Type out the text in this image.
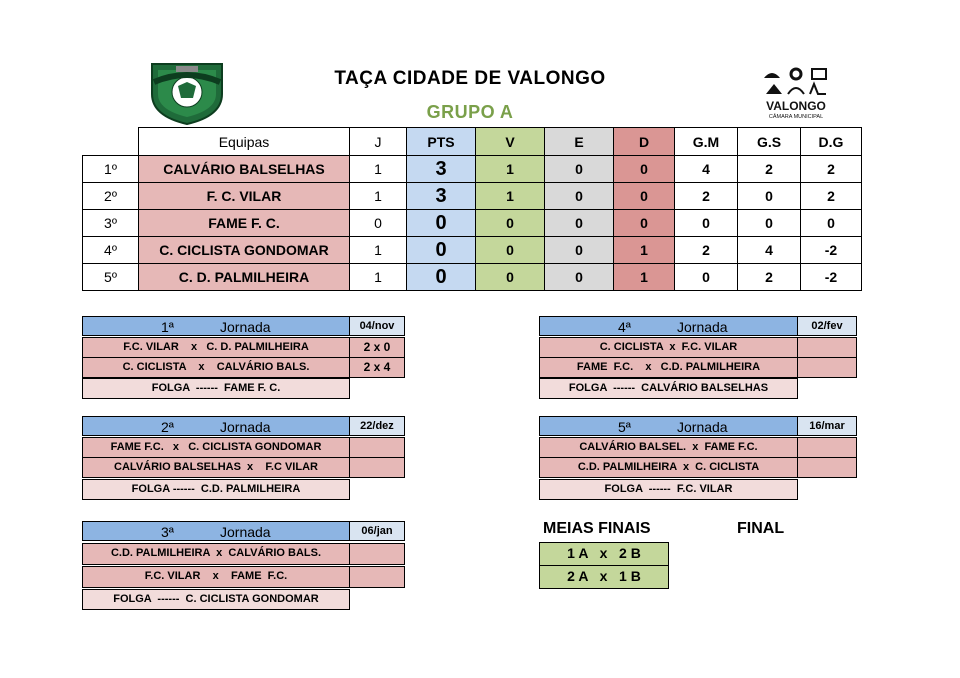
VALONGO
CÂMARA MUNICIPAL
TAÇA CIDADE DE VALONGO
GRUPO A
	Equipas	J	PTS	V	E	D	G.M	G.S	D.G
1º	CALVÁRIO BALSELHAS	1	3	1	0	0	4	2	2
2º	F. C. VILAR	1	3	1	0	0	2	0	2
3º	FAME F. C.	0	0	0	0	0	0	0	0
4º	C. CICLISTA GONDOMAR	1	0	0	0	1	2	4	-2
5º	C. D. PALMILHEIRA	1	0	0	0	1	0	2	-2
1ª	Jornada	04/nov
F.C. VILAR    x   C. D. PALMILHEIRA	2 x 0
C. CICLISTA    x    CALVÁRIO BALS.	2 x 4
FOLGA  ------  FAME F. C.
2ª	Jornada	22/dez
FAME F.C.   x   C. CICLISTA GONDOMAR
CALVÁRIO BALSELHAS  x    F.C VILAR
FOLGA ------  C.D. PALMILHEIRA
3ª	Jornada	06/jan
C.D. PALMILHEIRA  x  CALVÁRIO BALS.
F.C. VILAR    x    FAME  F.C.
FOLGA  ------  C. CICLISTA GONDOMAR
4ª	Jornada	02/fev
C. CICLISTA  x  F.C. VILAR
FAME  F.C.    x   C.D. PALMILHEIRA
FOLGA  ------  CALVÁRIO BALSELHAS
5ª	Jornada	16/mar
CALVÁRIO BALSEL.  x  FAME F.C.
C.D. PALMILHEIRA  x  C. CICLISTA
FOLGA  ------  F.C. VILAR
MEIAS FINAIS	FINAL
1 A   x   2 B
2 A   x   1 B
